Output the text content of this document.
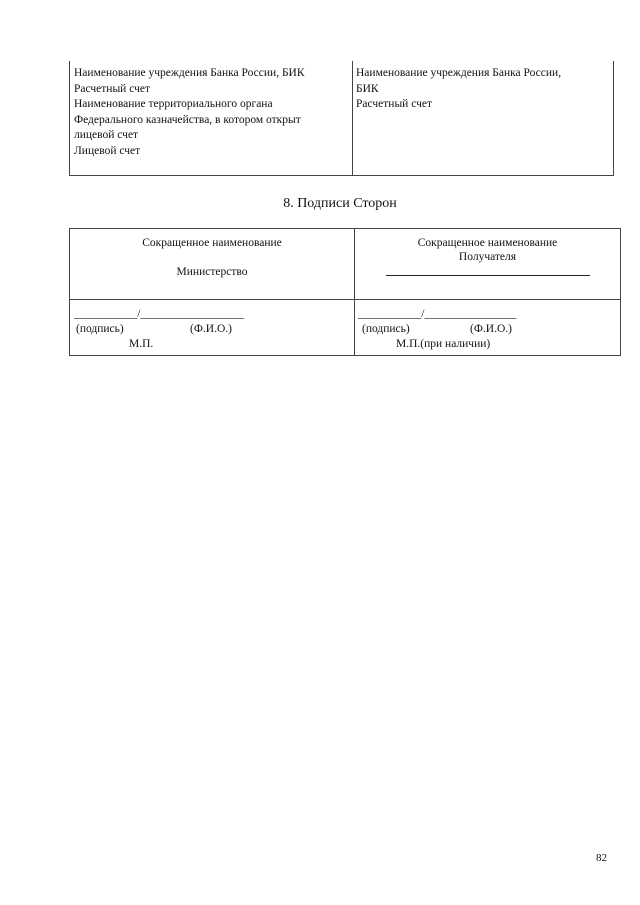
Наименование учреждения Банка России, БИК
Расчетный счет
Наименование территориального органа
Федерального казначейства, в котором открыт
лицевой счет
Лицевой счет
Наименование учреждения Банка России,
БИК
Расчетный счет
8. Подписи Сторон
Сокращенное наименование
Министерство
Сокращенное наименование
Получателя
___________/__________________
(подпись)	(Ф.И.О.)
М.П.
___________/________________
(подпись)	(Ф.И.О.)
М.П.(при наличии)
82
